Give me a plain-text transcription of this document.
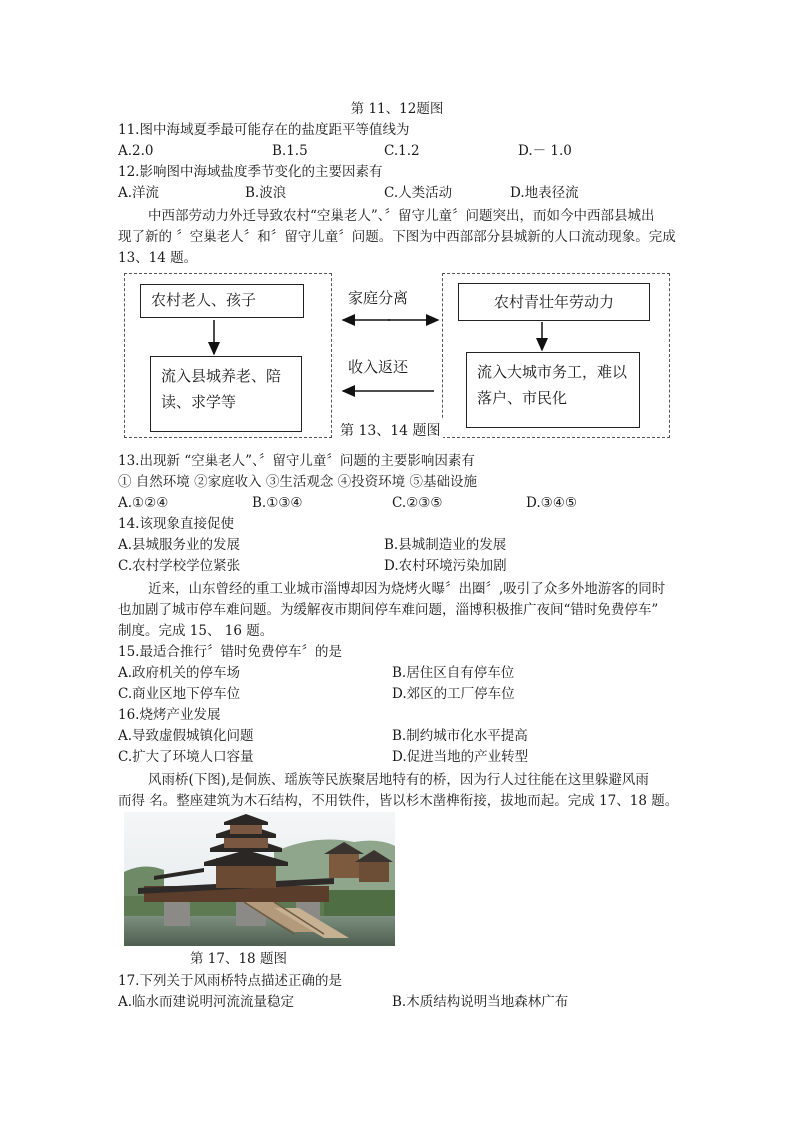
第 11、12题图
11.图中海域夏季最可能存在的盐度距平等值线为
A.2.0	B.1.5	C.1.2	D.－ 1.0
12.影响图中海域盐度季节变化的主要因素有
A.洋流	B.波浪	C.人类活动	D.地表径流
中西部劳动力外迁导致农村“空巢老人”、〞留守儿童〞问题突出，而如今中西部县城出
现了新的 〞空巢老人〞和〞留守儿童〞问题。下图为中西部部分县城新的人口流动现象。完成
13、14 题。
农村老人、孩子
流入县城养老、陪读、求学等
农村青壮年劳动力
流入大城市务工，难以落户、市民化
家庭分离
收入返还
第 13、14 题图
13.出现新 “空巢老人”、〞留守儿童〞问题的主要影响因素有
① 自然环境 ②家庭收入 ③生活观念 ④投资环境 ⑤基础设施
A.①②④	B.①③④	C.②③⑤	D.③④⑤
14.该现象直接促使
A.县城服务业的发展	B.县城制造业的发展
C.农村学校学位紧张	D.农村环境污染加剧
近来，山东曾经的重工业城市淄博却因为烧烤火曝〞出圈〞,吸引了众多外地游客的同时
也加剧了城市停车难问题。为缓解夜市期间停车难问题，淄博积极推广夜间“错时免费停车”
制度。完成 15、 16 题。
15.最适合推行〞错时免费停车〞的是
A.政府机关的停车场	B.居住区自有停车位
C.商业区地下停车位	D.郊区的工厂停车位
16.烧烤产业发展
A.导致虚假城镇化问题	B.制约城市化水平提高
C.扩大了环境人口容量	D.促进当地的产业转型
风雨桥(下图),是侗族、瑶族等民族聚居地特有的桥，因为行人过往能在这里躲避风雨
而得 名。整座建筑为木石结构，不用铁件，皆以杉木凿榫衔接，拔地而起。完成 17、18 题。
第 17、18 题图
17.下列关于风雨桥特点描述正确的是
A.临水而建说明河流流量稳定	B.木质结构说明当地森林广布
